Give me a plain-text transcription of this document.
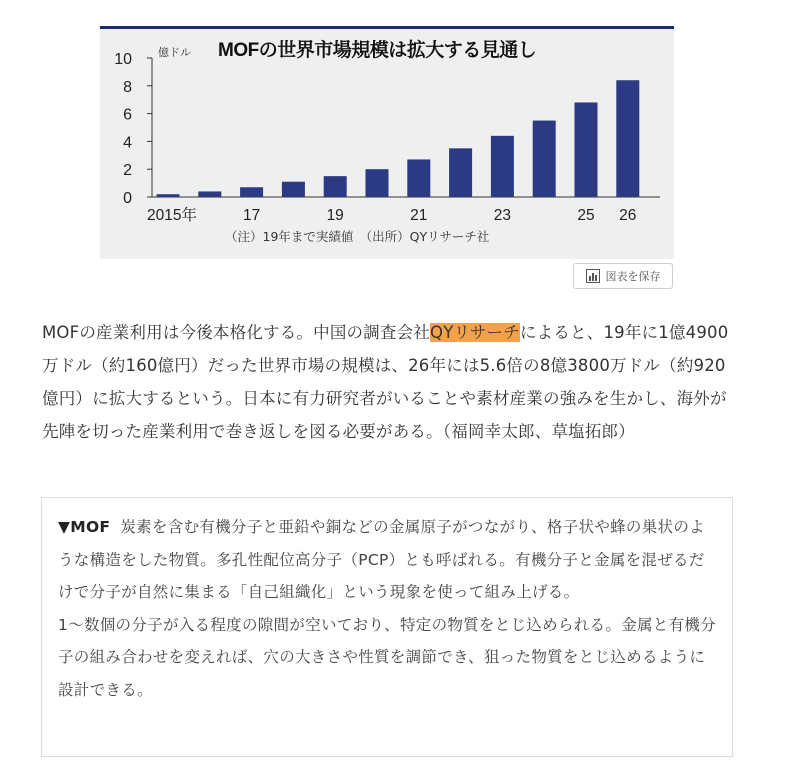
MOFの世界市場規模は拡大する見通し
億ドル
（注）19年まで実績値　（出所）QYリサーチ社
2015年	17	19	21	23	25 26
0
2
4
6
8
10
図表を保存

MOFの産業利用は今後本格化する。中国の調査会社QYリサーチによると、19年に1億4900万ドル（約160億円）だった世界市場の規模は、26年には5.6倍の8億3800万ドル（約920億円）に拡大するという。日本に有力研究者がいることや素材産業の強みを生かし、海外が先陣を切った産業利用で巻き返しを図る必要がある。（福岡幸太郎、草塩拓郎）

▼MOF 炭素を含む有機分子と亜鉛や銅などの金属原子がつながり、格子状や蜂の巣状のような構造をした物質。多孔性配位高分子（PCP）とも呼ばれる。有機分子と金属を混ぜるだけで分子が自然に集まる「自己組織化」という現象を使って組み上げる。

1～数個の分子が入る程度の隙間が空いており、特定の物質をとじ込められる。金属と有機分子の組み合わせを変えれば、穴の大きさや性質を調節でき、狙った物質をとじ込めるように設計できる。
